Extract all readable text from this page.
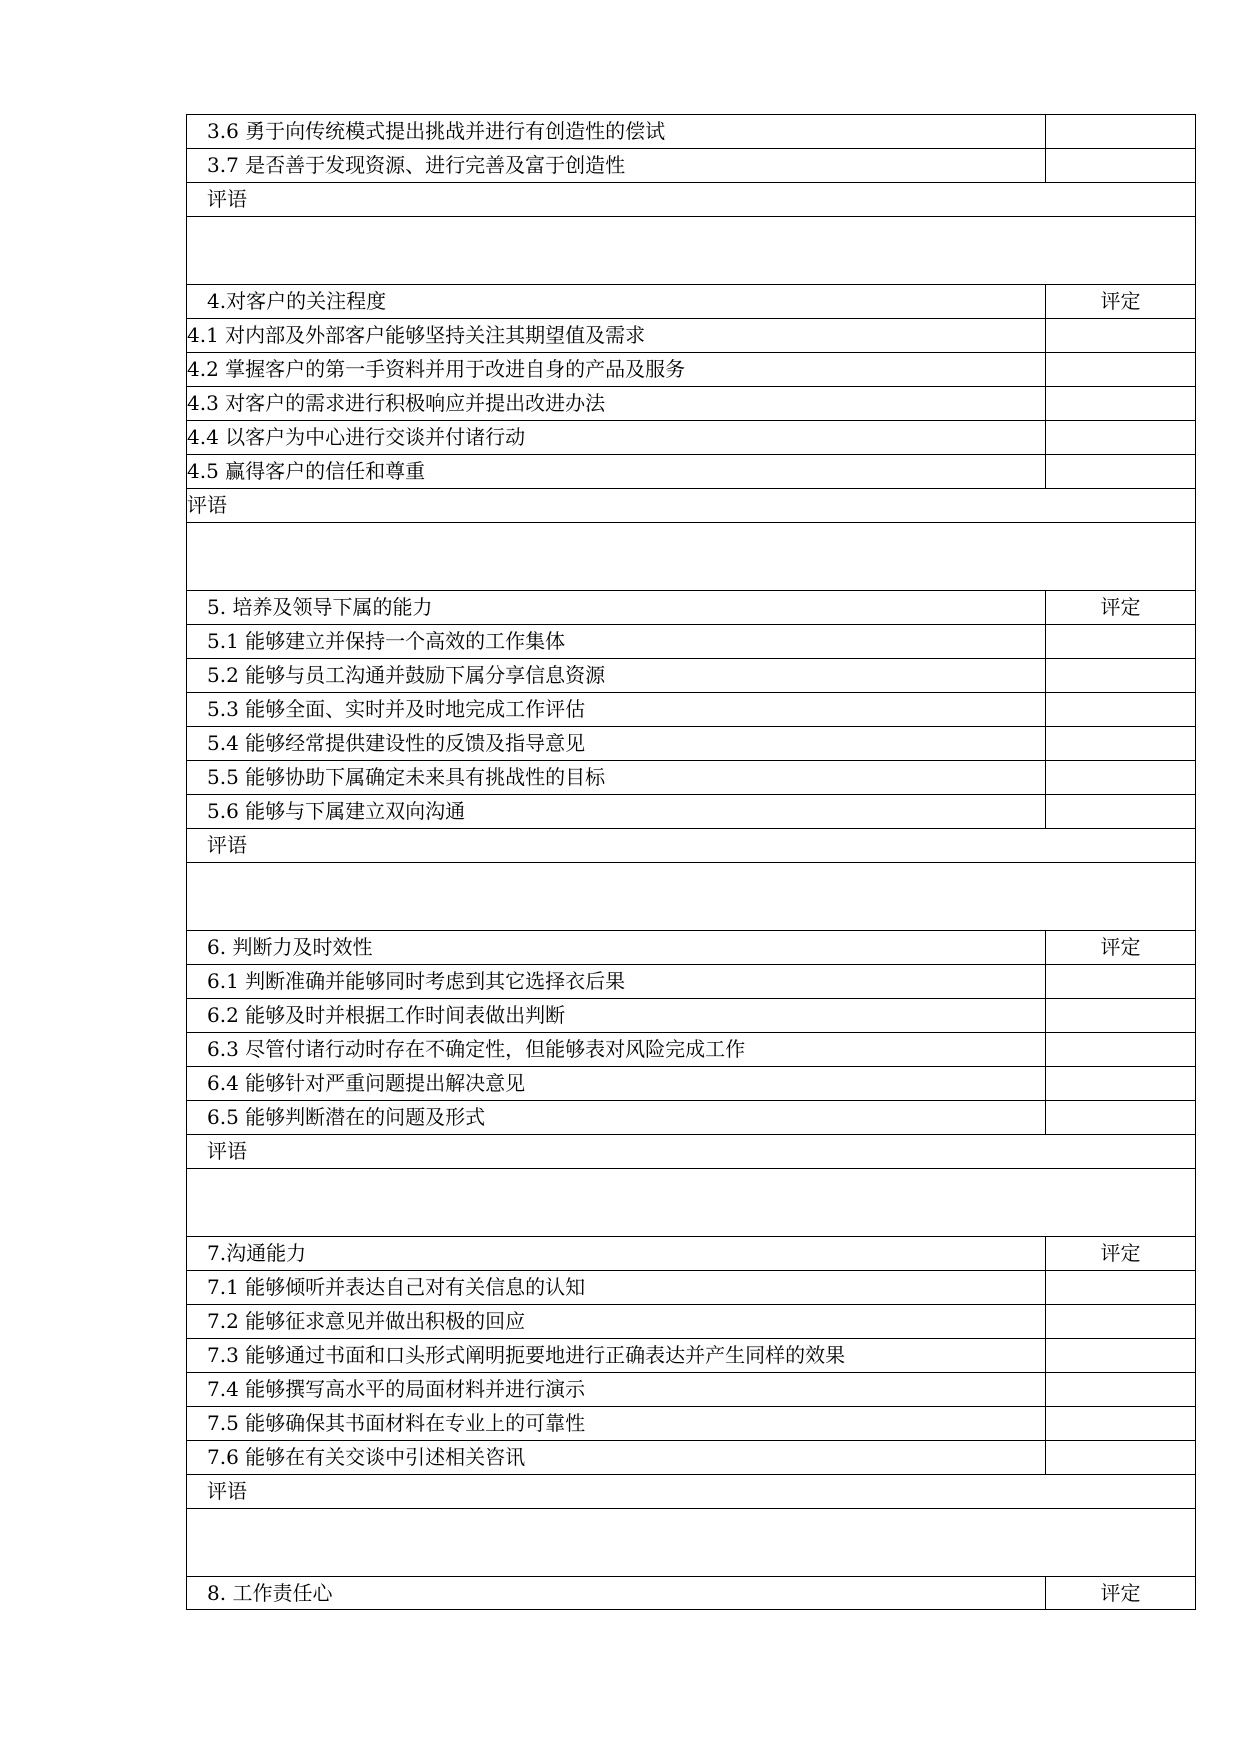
3.6 勇于向传统模式提出挑战并进行有创造性的偿试
3.7 是否善于发现资源、进行完善及富于创造性
评语
4.对客户的关注程度	评定
4.1 对内部及外部客户能够坚持关注其期望值及需求
4.2 掌握客户的第一手资料并用于改进自身的产品及服务
4.3 对客户的需求进行积极响应并提出改进办法
4.4 以客户为中心进行交谈并付诸行动
4.5 赢得客户的信任和尊重
评语
5. 培养及领导下属的能力	评定
5.1 能够建立并保持一个高效的工作集体
5.2 能够与员工沟通并鼓励下属分享信息资源
5.3 能够全面、实时并及时地完成工作评估
5.4 能够经常提供建设性的反馈及指导意见
5.5 能够协助下属确定未来具有挑战性的目标
5.6 能够与下属建立双向沟通
评语
6. 判断力及时效性	评定
6.1 判断准确并能够同时考虑到其它选择衣后果
6.2 能够及时并根据工作时间表做出判断
6.3 尽管付诸行动时存在不确定性，但能够表对风险完成工作
6.4 能够针对严重问题提出解决意见
6.5 能够判断潜在的问题及形式
评语
7.沟通能力	评定
7.1 能够倾听并表达自己对有关信息的认知
7.2 能够征求意见并做出积极的回应
7.3 能够通过书面和口头形式阐明扼要地进行正确表达并产生同样的效果
7.4 能够撰写高水平的局面材料并进行演示
7.5 能够确保其书面材料在专业上的可靠性
7.6 能够在有关交谈中引述相关咨讯
评语
8. 工作责任心	评定
